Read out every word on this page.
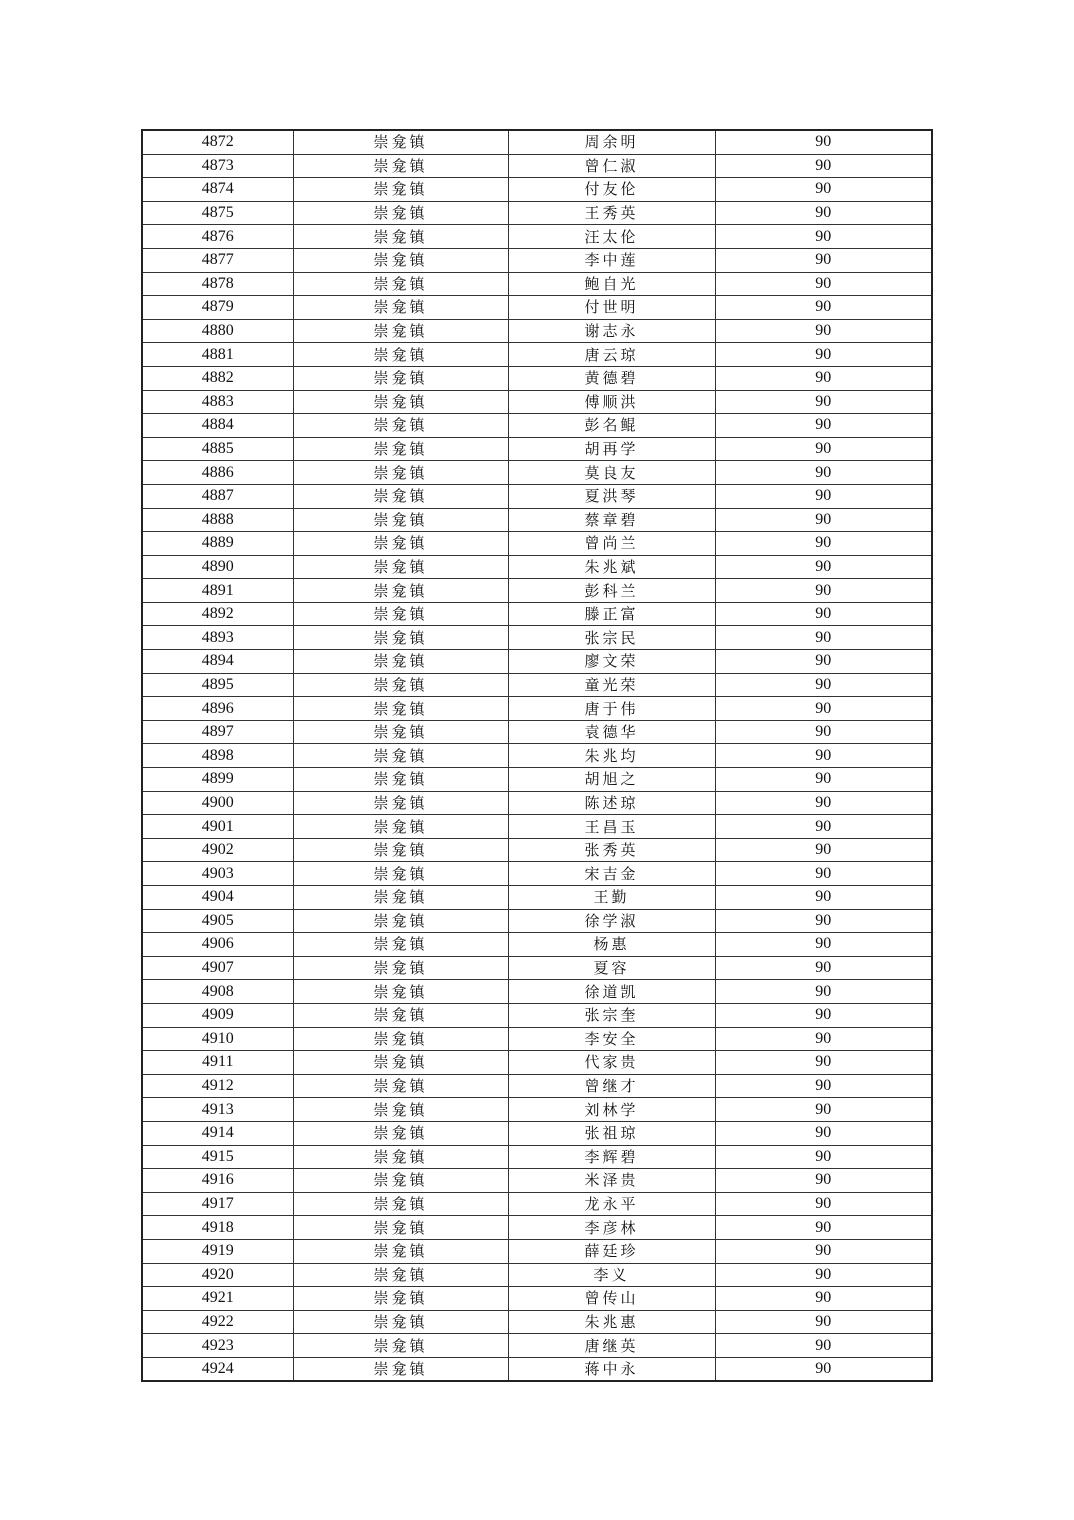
4872	崇龛镇	周余明	90
4873	崇龛镇	曾仁淑	90
4874	崇龛镇	付友伦	90
4875	崇龛镇	王秀英	90
4876	崇龛镇	汪太伦	90
4877	崇龛镇	李中莲	90
4878	崇龛镇	鲍自光	90
4879	崇龛镇	付世明	90
4880	崇龛镇	谢志永	90
4881	崇龛镇	唐云琼	90
4882	崇龛镇	黄德碧	90
4883	崇龛镇	傅顺洪	90
4884	崇龛镇	彭名鲲	90
4885	崇龛镇	胡再学	90
4886	崇龛镇	莫良友	90
4887	崇龛镇	夏洪琴	90
4888	崇龛镇	蔡章碧	90
4889	崇龛镇	曾尚兰	90
4890	崇龛镇	朱兆斌	90
4891	崇龛镇	彭科兰	90
4892	崇龛镇	滕正富	90
4893	崇龛镇	张宗民	90
4894	崇龛镇	廖文荣	90
4895	崇龛镇	童光荣	90
4896	崇龛镇	唐于伟	90
4897	崇龛镇	袁德华	90
4898	崇龛镇	朱兆均	90
4899	崇龛镇	胡旭之	90
4900	崇龛镇	陈述琼	90
4901	崇龛镇	王昌玉	90
4902	崇龛镇	张秀英	90
4903	崇龛镇	宋吉金	90
4904	崇龛镇	王勤	90
4905	崇龛镇	徐学淑	90
4906	崇龛镇	杨惠	90
4907	崇龛镇	夏容	90
4908	崇龛镇	徐道凯	90
4909	崇龛镇	张宗奎	90
4910	崇龛镇	李安全	90
4911	崇龛镇	代家贵	90
4912	崇龛镇	曾继才	90
4913	崇龛镇	刘林学	90
4914	崇龛镇	张祖琼	90
4915	崇龛镇	李辉碧	90
4916	崇龛镇	米泽贵	90
4917	崇龛镇	龙永平	90
4918	崇龛镇	李彦林	90
4919	崇龛镇	薛廷珍	90
4920	崇龛镇	李义	90
4921	崇龛镇	曾传山	90
4922	崇龛镇	朱兆惠	90
4923	崇龛镇	唐继英	90
4924	崇龛镇	蒋中永	90
